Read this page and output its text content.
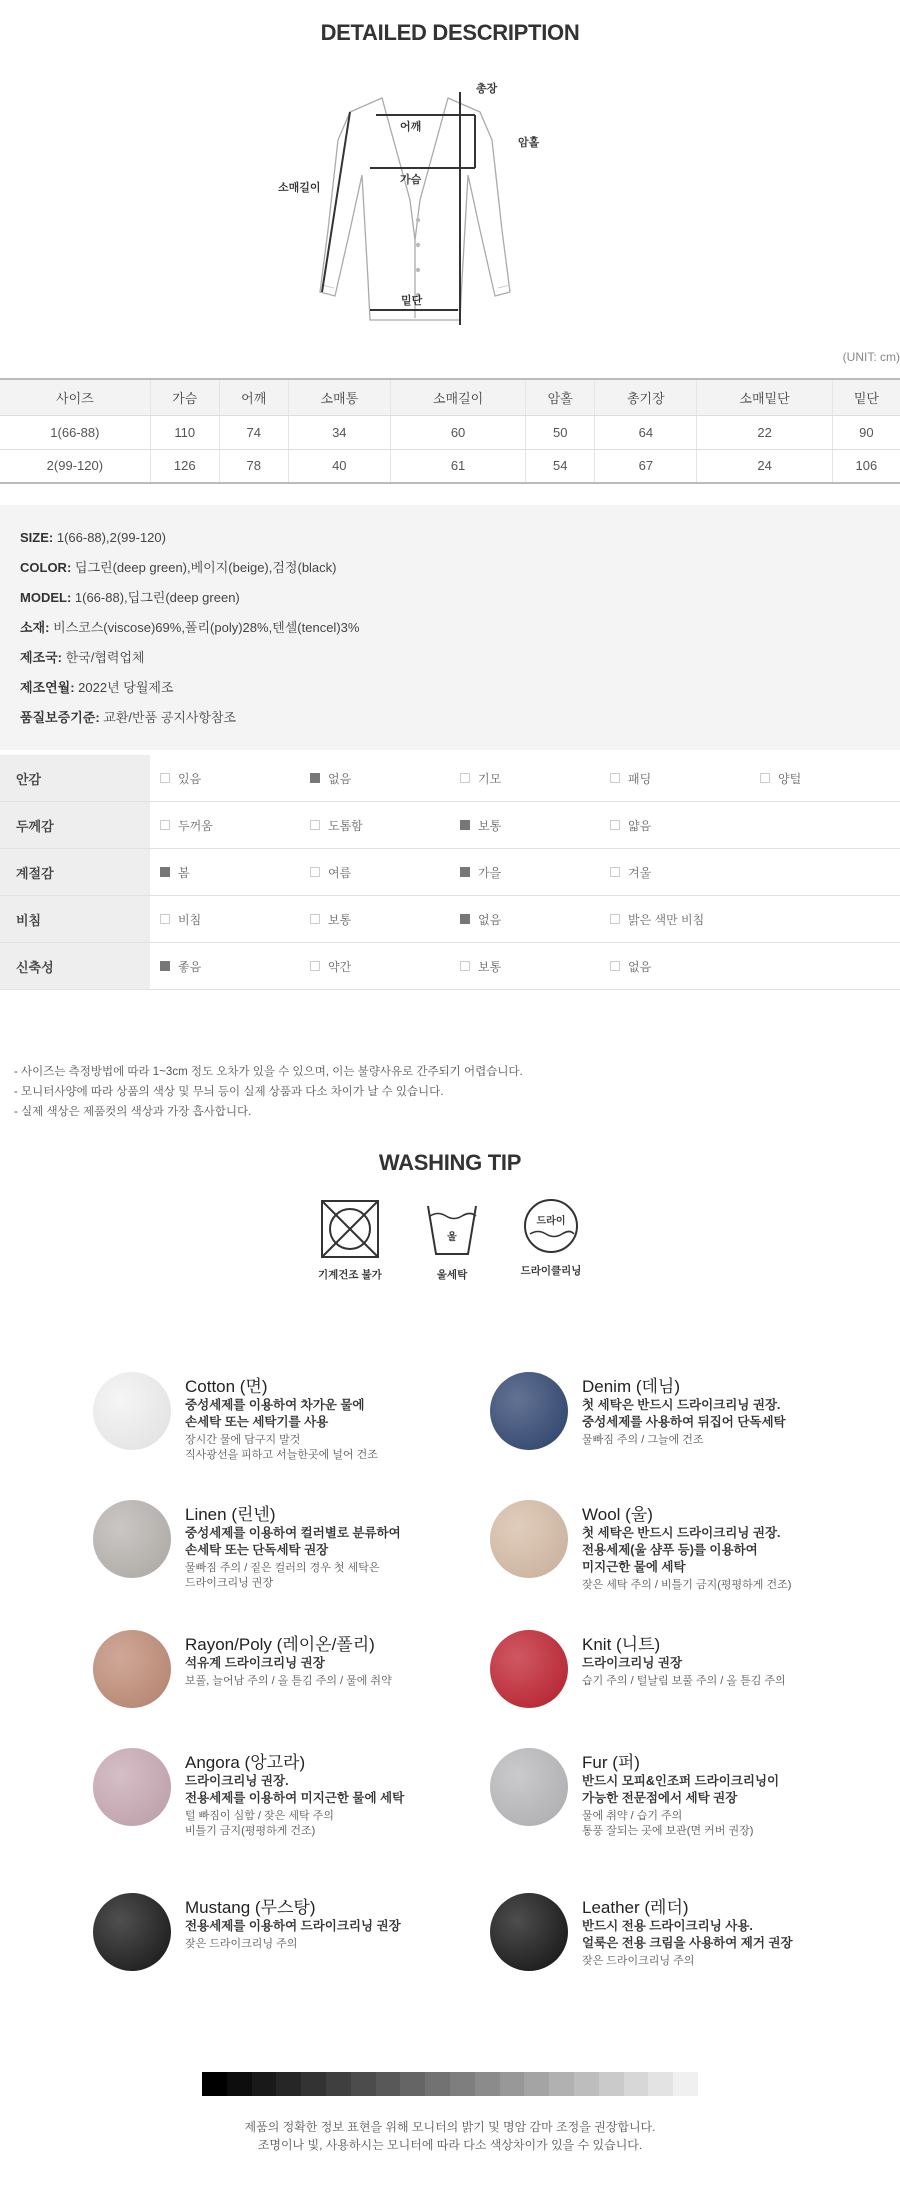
DETAILED DESCRIPTION
총장
어깨
암홀
소매길이
가슴
밑단
(UNIT: cm)
사이즈	가슴	어깨	소매통	소매길이	암홀	총기장	소매밑단	밑단
1(66-88)	110	74	34	60	50	64	22	90
2(99-120)	126	78	40	61	54	67	24	106
SIZE: 1(66-88),2(99-120)
COLOR: 딥그린(deep green),베이지(beige),검정(black)
MODEL: 1(66-88),딥그린(deep green)
소재: 비스코스(viscose)69%,폴리(poly)28%,텐셀(tencel)3%
제조국: 한국/협력업체
제조연월: 2022년 당월제조
품질보증기준: 교환/반품 공지사항참조
안감	있음	없음	기모	패딩	양털
두께감	두꺼움	도톰함	보통	얇음
계절감	봄	여름	가을	겨울
비침	비침	보통	없음	밝은 색만 비침
신축성	좋음	약간	보통	없음
- 사이즈는 측정방법에 따라 1~3cm 정도 오차가 있을 수 있으며, 이는 불량사유로 간주되기 어렵습니다.
- 모니터사양에 따라 상품의 색상 및 무늬 등이 실제 상품과 다소 차이가 날 수 있습니다.
- 실제 색상은 제품컷의 색상과 가장 흡사합니다.
WASHING TIP
기계건조 불가
울
울세탁
드라이
드라이클리닝
Cotton (면)
중성세제를 이용하여 차가운 물에
손세탁 또는 세탁기를 사용
장시간 물에 담구지 말것
직사광선을 피하고 서늘한곳에 널어 건조
Denim (데님)
첫 세탁은 반드시 드라이크리닝 권장.
중성세제를 사용하여 뒤집어 단독세탁
물빠짐 주의 / 그늘에 건조
Linen (린넨)
중성세제를 이용하여 컬러별로 분류하여
손세탁 또는 단독세탁 권장
물빠짐 주의 / 짙은 컬러의 경우 첫 세탁은
드라이크리닝 권장
Wool (울)
첫 세탁은 반드시 드라이크리닝 권장.
전용세제(울 샴푸 등)를 이용하여
미지근한 물에 세탁
잦은 세탁 주의 / 비틀기 금지(평평하게 건조)
Rayon/Poly (레이온/폴리)
석유계 드라이크리닝 권장
보풀, 늘어남 주의 / 올 튿김 주의 / 물에 취약
Knit (니트)
드라이크리닝 권장
습기 주의 / 털날림 보풀 주의 / 올 튿김 주의
Angora (앙고라)
드라이크리닝 권장.
전용세제를 이용하여 미지근한 물에 세탁
털 빠짐이 심함 / 잦은 세탁 주의
비틀기 금지(평평하게 건조)
Fur (퍼)
반드시 모피&인조퍼 드라이크리닝이
가능한 전문점에서 세탁 권장
물에 취약 / 습기 주의
통풍 잘되는 곳에 보관(면 커버 권장)
Mustang (무스탕)
전용세제를 이용하여 드라이크리닝 권장
잦은 드라이크리닝 주의
Leather (레더)
반드시 전용 드라이크리닝 사용.
얼룩은 전용 크림을 사용하여 제거 권장
잦은 드라이크리닝 주의
제품의 정확한 정보 표현을 위해 모니터의 밝기 및 명암 감마 조정을 권장합니다.
조명이나 빛, 사용하시는 모니터에 따라 다소 색상차이가 있을 수 있습니다.
